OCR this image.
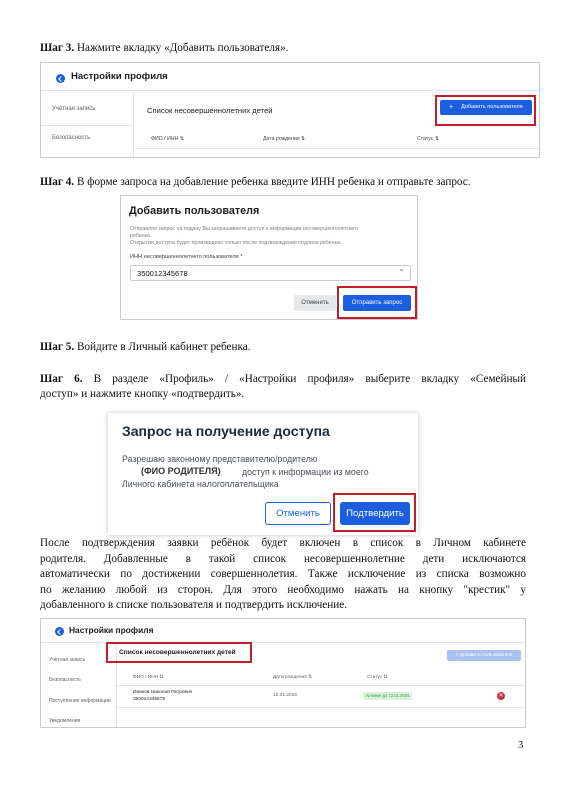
Шаг 3. Нажмите вкладку «Добавить пользователя».
Настройки профиля
Учётная запись
Безопасность
Список несовершеннолетних детей
ФИО / ИНН ⇅	Дата рождения ⇅	Статус ⇅
+ Добавить пользователя
Шаг 4. В форме запроса на добавление ребенка введите ИНН ребенка и отправьте запрос.
Добавить пользователя
Отправляя запрос на подачу Вы запрашиваете доступ к информации несовершеннолетнего
ребенка.
Открытие доступа будет произведено только после подтверждения подписи ребенка.
ИНН несовершеннолетнего пользователя *
350012345678	⌃
Отменить	Отправить запрос
Шаг 5. Войдите в Личный кабинет ребенка.
Шаг 6. В разделе «Профиль» / «Настройки профиля» выберите вкладку «Семейный
доступ» и нажмите кнопку «подтвердить».
Запрос на получение доступа
Разрешаю законному представителю/родителю
(ФИО РОДИТЕЛЯ) доступ к информации из моего
Личного кабинета налогоплательщика
Отменить	Подтвердить
После подтверждения заявки ребёнок будет включен в список в Личном кабинете
родителя. Добавленные в такой список несовершеннолетние дети исключаются
автоматически по достижении совершеннолетия. Также исключение из списка возможно
по желанию любой из сторон. Для этого необходимо нажать на кнопку "крестик" у
добавленного в списке пользователя и подтвердить исключение.
Настройки профиля
Учётная запись
Безопасность
Поступления информации
Уведомления
Список несовершеннолетних детей	+ Добавить пользователя
ФИО / ИНН ⇅	Дата рождения ⇅	Статус ⇅
Иванов Николая Петрович
350012345678
12.01.2016	Активен до 12.01.2034	✕
3
